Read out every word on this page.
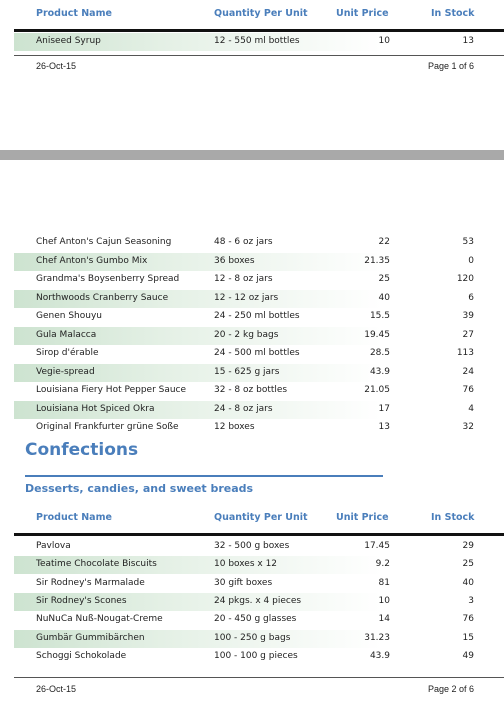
Product Name	Quantity Per Unit	Unit Price	In Stock
Aniseed Syrup	12 - 550 ml bottles	10	13
26-Oct-15	Page 1 of 6
Chef Anton's Cajun Seasoning	48 - 6 oz jars	22	53
Chef Anton's Gumbo Mix	36 boxes	21.35	0
Grandma's Boysenberry Spread	12 - 8 oz jars	25	120
Northwoods Cranberry Sauce	12 - 12 oz jars	40	6
Genen Shouyu	24 - 250 ml bottles	15.5	39
Gula Malacca	20 - 2 kg bags	19.45	27
Sirop d'érable	24 - 500 ml bottles	28.5	113
Vegie-spread	15 - 625 g jars	43.9	24
Louisiana Fiery Hot Pepper Sauce	32 - 8 oz bottles	21.05	76
Louisiana Hot Spiced Okra	24 - 8 oz jars	17	4
Original Frankfurter grüne Soße	12 boxes	13	32
Confections
Desserts, candies, and sweet breads
Product Name	Quantity Per Unit	Unit Price	In Stock
Pavlova	32 - 500 g boxes	17.45	29
Teatime Chocolate Biscuits	10 boxes x 12	9.2	25
Sir Rodney's Marmalade	30 gift boxes	81	40
Sir Rodney's Scones	24 pkgs. x 4 pieces	10	3
NuNuCa Nuß-Nougat-Creme	20 - 450 g glasses	14	76
Gumbär Gummibärchen	100 - 250 g bags	31.23	15
Schoggi Schokolade	100 - 100 g pieces	43.9	49
26-Oct-15	Page 2 of 6
